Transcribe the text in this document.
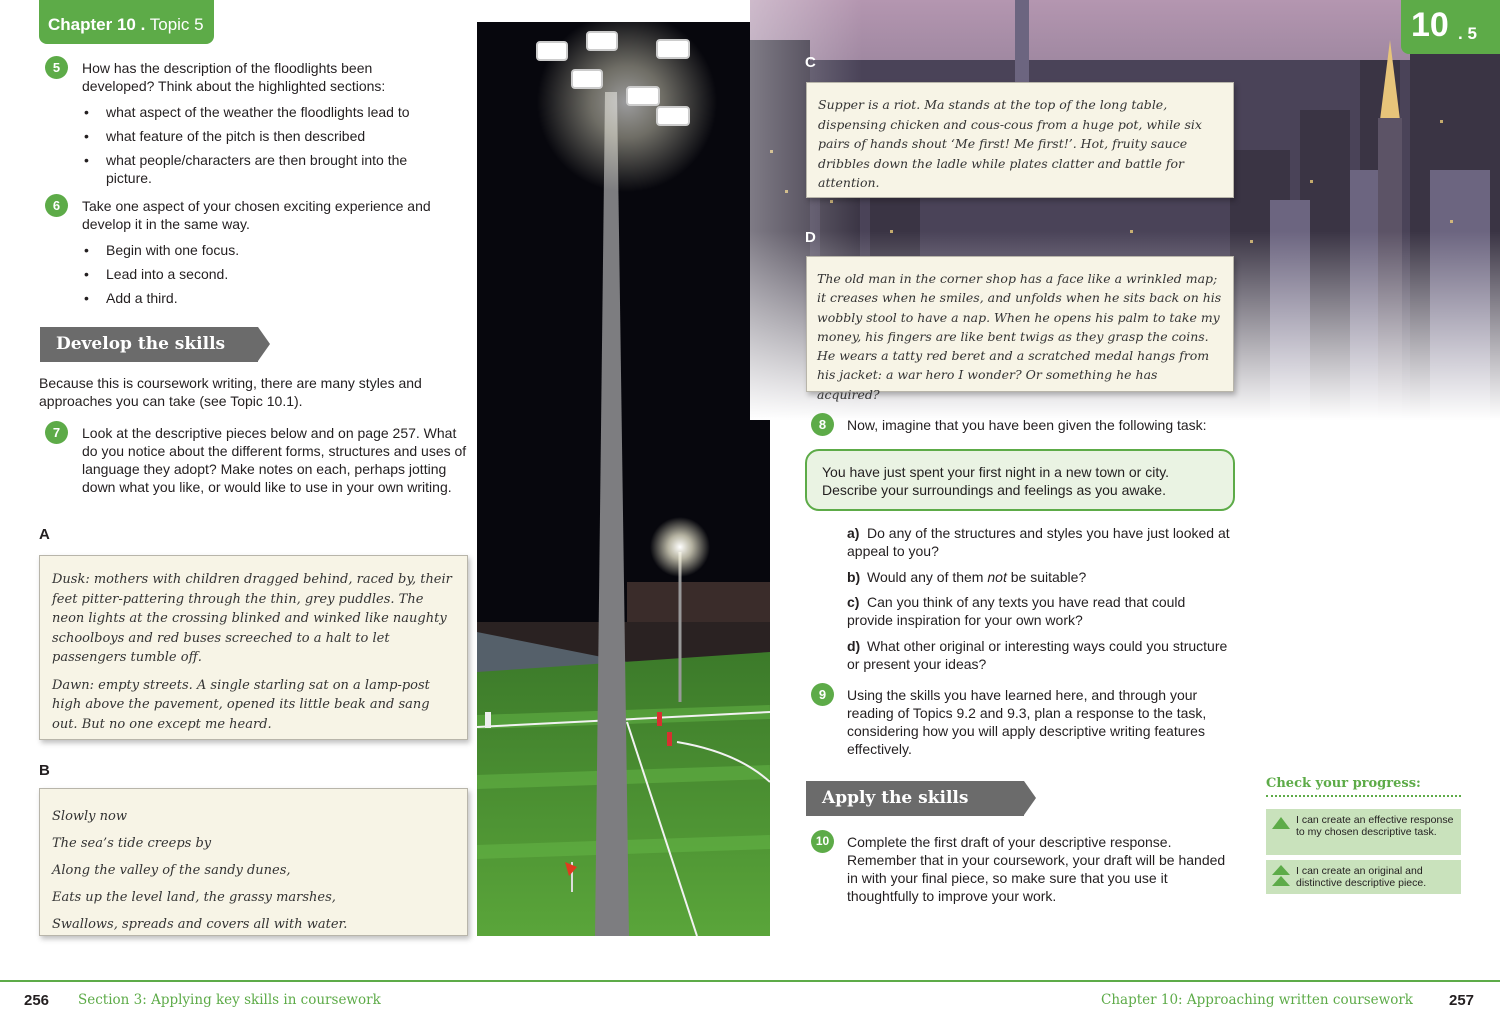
Chapter 10 . Topic 5
5	How has the description of the floodlights been developed? Think about the highlighted sections:
• what aspect of the weather the floodlights lead to
• what feature of the pitch is then described
• what people/characters are then brought into the picture.
6	Take one aspect of your chosen exciting experience and develop it in the same way.
• Begin with one focus.
• Lead into a second.
• Add a third.
Develop the skills
Because this is coursework writing, there are many styles and approaches you can take (see Topic 10.1).
7	Look at the descriptive pieces below and on page 257. What do you notice about the different forms, structures and uses of language they adopt? Make notes on each, perhaps jotting down what you like, or would like to use in your own writing.
A

Dusk: mothers with children dragged behind, raced by, their feet pitter-pattering through the thin, grey puddles. The neon lights at the crossing blinked and winked like naughty schoolboys and red buses screeched to a halt to let passengers tumble off.

Dawn: empty streets. A single starling sat on a lamp-post high above the pavement, opened its little beak and sang out. But no one except me heard.

B
Slowly now
The sea’s tide creeps by
Along the valley of the sandy dunes,
Eats up the level land, the grassy marshes,
Swallows, spreads and covers all with water.
10 . 5
C

Supper is a riot. Ma stands at the top of the long table, dispensing chicken and cous-cous from a huge pot, while six pairs of hands shout ‘Me first! Me first!’. Hot, fruity sauce dribbles down the ladle while plates clatter and battle for attention.

D

The old man in the corner shop has a face like a wrinkled map; it creases when he smiles, and unfolds when he sits back on his wobbly stool to have a nap. When he opens his palm to take my money, his fingers are like bent twigs as they grasp the coins. He wears a tatty red beret and a scratched medal hangs from his jacket: a war hero I wonder? Or something he has acquired?

8	Now, imagine that you have been given the following task:
You have just spent your first night in a new town or city. Describe your surroundings and feelings as you awake.
a) Do any of the structures and styles you have just looked at appeal to you?
b) Would any of them not be suitable?
c) Can you think of any texts you have read that could provide inspiration for your own work?
d) What other original or interesting ways could you structure or present your ideas?
9	Using the skills you have learned here, and through your reading of Topics 9.2 and 9.3, plan a response to the task, considering how you will apply descriptive writing features effectively.
Apply the skills
10	Complete the first draft of your descriptive response. Remember that in your coursework, your draft will be handed in with your final piece, so make sure that you use it thoughtfully to improve your work.
Check your progress:
I can create an effective response to my chosen descriptive task.
I can create an original and distinctive descriptive piece.
256 Section 3: Applying key skills in coursework	Chapter 10: Approaching written coursework 257
